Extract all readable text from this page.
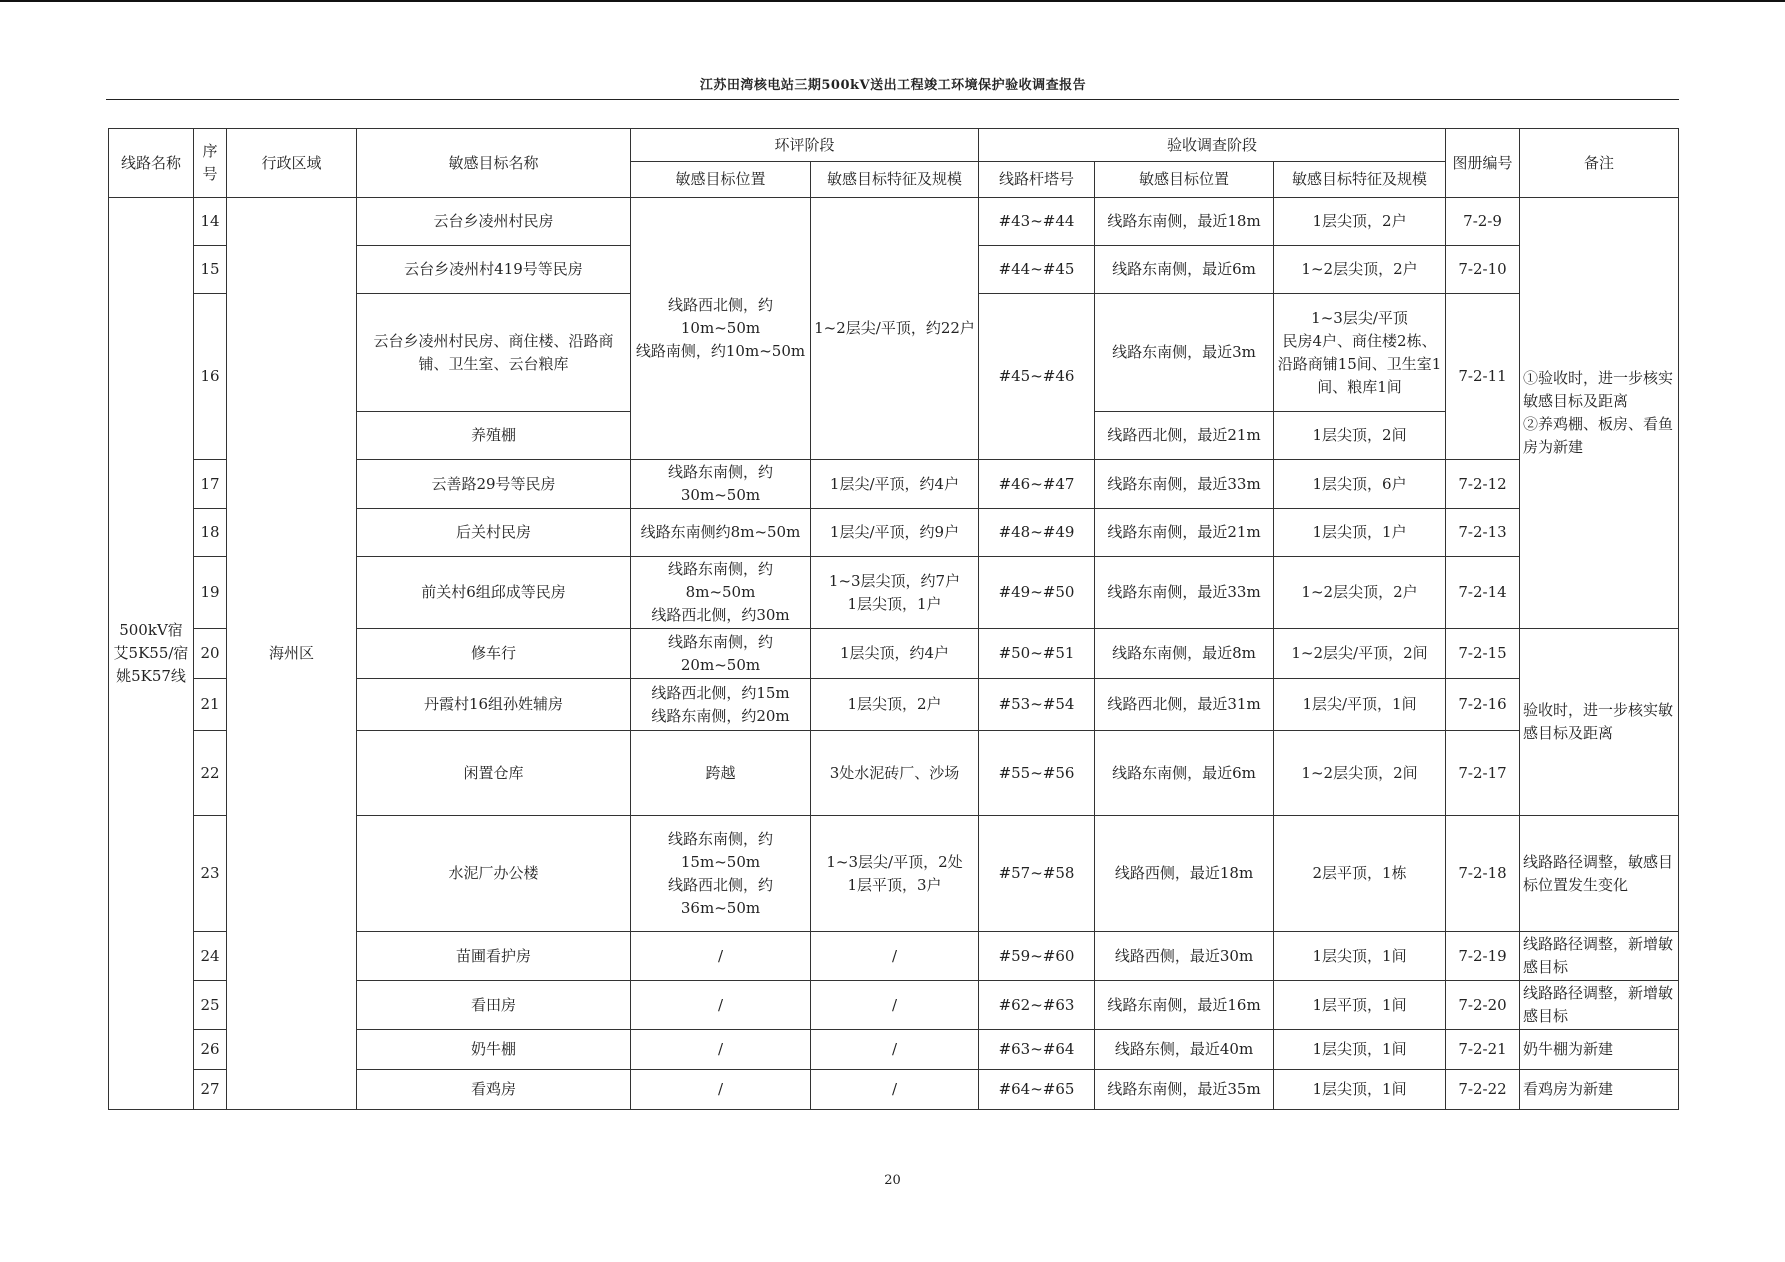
江苏田湾核电站三期500kV送出工程竣工环境保护验收调查报告
线路名称	序号	行政区域	敏感目标名称	环评阶段		验收调查阶段			图册编号	备注
				敏感目标位置	敏感目标特征及规模	线路杆塔号	敏感目标位置	敏感目标特征及规模		
500kV宿艾5K55/宿姚5K57线	14	海州区	云台乡凌州村民房	线路西北侧，约10m~50m
线路南侧，约10m~50m	1~2层尖/平顶，约22户	#43~#44	线路东南侧，最近18m	1层尖顶，2户	7-2-9	①验收时，进一步核实敏感目标及距离
②养鸡棚、板房、看鱼房为新建
	15		云台乡凌州村419号等民房			#44~#45	线路东南侧，最近6m	1~2层尖顶，2户	7-2-10	
	16		云台乡凌州村民房、商住楼、沿路商铺、卫生室、云台粮库			#45~#46	线路东南侧，最近3m	1~3层尖/平顶
民房4户、商住楼2栋、沿路商铺15间、卫生室1间、粮库1间	7-2-11	
			养殖棚				线路西北侧，最近21m	1层尖顶，2间		
	17		云善路29号等民房	线路东南侧，约30m~50m	1层尖/平顶，约4户	#46~#47	线路东南侧，最近33m	1层尖顶，6户	7-2-12	
	18		后关村民房	线路东南侧约8m~50m	1层尖/平顶，约9户	#48~#49	线路东南侧，最近21m	1层尖顶，1户	7-2-13	
	19		前关村6组邱成等民房	线路东南侧，约8m~50m
线路西北侧，约30m	1~3层尖顶，约7户
1层尖顶，1户	#49~#50	线路东南侧，最近33m	1~2层尖顶，2户	7-2-14	
	20		修车行	线路东南侧，约20m~50m	1层尖顶，约4户	#50~#51	线路东南侧，最近8m	1~2层尖/平顶，2间	7-2-15	验收时，进一步核实敏感目标及距离
	21		丹霞村16组孙姓辅房	线路西北侧，约15m
线路东南侧，约20m	1层尖顶，2户	#53~#54	线路西北侧，最近31m	1层尖/平顶，1间	7-2-16	
	22		闲置仓库	跨越	3处水泥砖厂、沙场	#55~#56	线路东南侧，最近6m	1~2层尖顶，2间	7-2-17	
	23		水泥厂办公楼	线路东南侧，约15m~50m
线路西北侧，约36m~50m	1~3层尖/平顶，2处
1层平顶，3户	#57~#58	线路西侧，最近18m	2层平顶，1栋	7-2-18	线路路径调整，敏感目标位置发生变化
	24		苗圃看护房	/	/	#59~#60	线路西侧，最近30m	1层尖顶，1间	7-2-19	线路路径调整，新增敏感目标
	25		看田房	/	/	#62~#63	线路东南侧，最近16m	1层平顶，1间	7-2-20	线路路径调整，新增敏感目标
	26		奶牛棚	/	/	#63~#64	线路东侧，最近40m	1层尖顶，1间	7-2-21	奶牛棚为新建
	27		看鸡房	/	/	#64~#65	线路东南侧，最近35m	1层尖顶，1间	7-2-22	看鸡房为新建
20
